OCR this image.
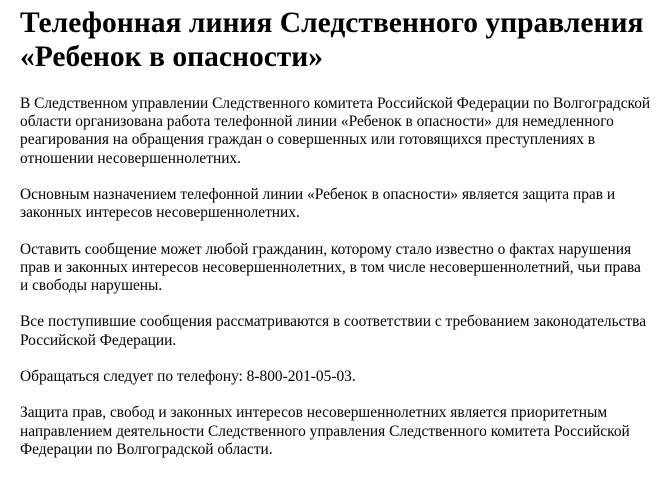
Телефонная линия Следственного управления «Ребенок в опасности»

В Следственном управлении Следственного комитета Российской Федерации по Волгоградской области организована работа телефонной линии «Ребенок в опасности» для немедленного реагирования на обращения граждан о совершенных или готовящихся преступлениях в отношении несовершеннолетних.

Основным назначением телефонной линии «Ребенок в опасности» является защита прав и законных интересов несовершеннолетних.

Оставить сообщение может любой гражданин, которому стало известно о фактах нарушения прав и законных интересов несовершеннолетних, в том числе несовершеннолетний, чьи права и свободы нарушены.

Все поступившие сообщения рассматриваются в соответствии с требованием законодательства Российской Федерации.

Обращаться следует по телефону: 8-800-201-05-03.

Защита прав, свобод и законных интересов несовершеннолетних является приоритетным направлением деятельности Следственного управления Следственного комитета Российской Федерации по Волгоградской области.
